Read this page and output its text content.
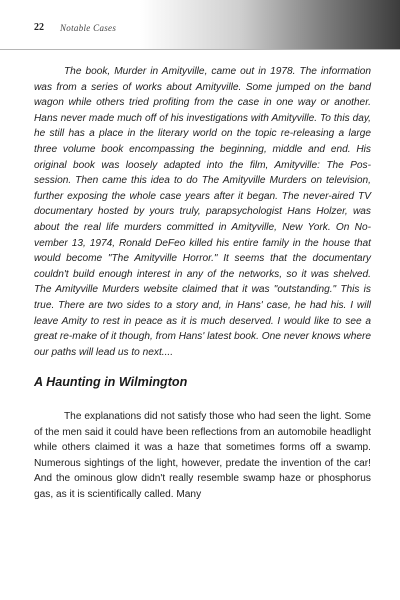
22 Notable Cases

The book, Murder in Amityville, came out in 1978. The information was from a series of works about Amityville. Some jumped on the band wagon while others tried profiting from the case in one way or another. Hans never made much off of his investigations with Amityville. To this day, he still has a place in the literary world on the topic re-releasing a large three volume book encompassing the beginning, middle and end. His original book was loosely adapted into the film, Amityville: The Pos-session. Then came this idea to do The Amityville Murders on television, further exposing the whole case years after it began. The never-aired TV documentary hosted by yours truly, parapsychologist Hans Holzer, was about the real life murders committed in Amityville, New York. On No-vember 13, 1974, Ronald DeFeo killed his entire family in the house that would become "The Amityville Horror." It seems that the documentary couldn't build enough interest in any of the networks, so it was shelved. The Amityville Murders website claimed that it was "outstanding." This is true. There are two sides to a story and, in Hans' case, he had his. I will leave Amity to rest in peace as it is much deserved. I would like to see a great re-make of it though, from Hans' latest book. One never knows where our paths will lead us to next....

A Haunting in Wilmington

The explanations did not satisfy those who had seen the light. Some of the men said it could have been reflections from an automobile headlight while others claimed it was a haze that sometimes forms off a swamp. Numerous sightings of the light, however, predate the invention of the car! And the ominous glow didn't really resemble swamp haze or phosphorus gas, as it is scientifically called. Many
